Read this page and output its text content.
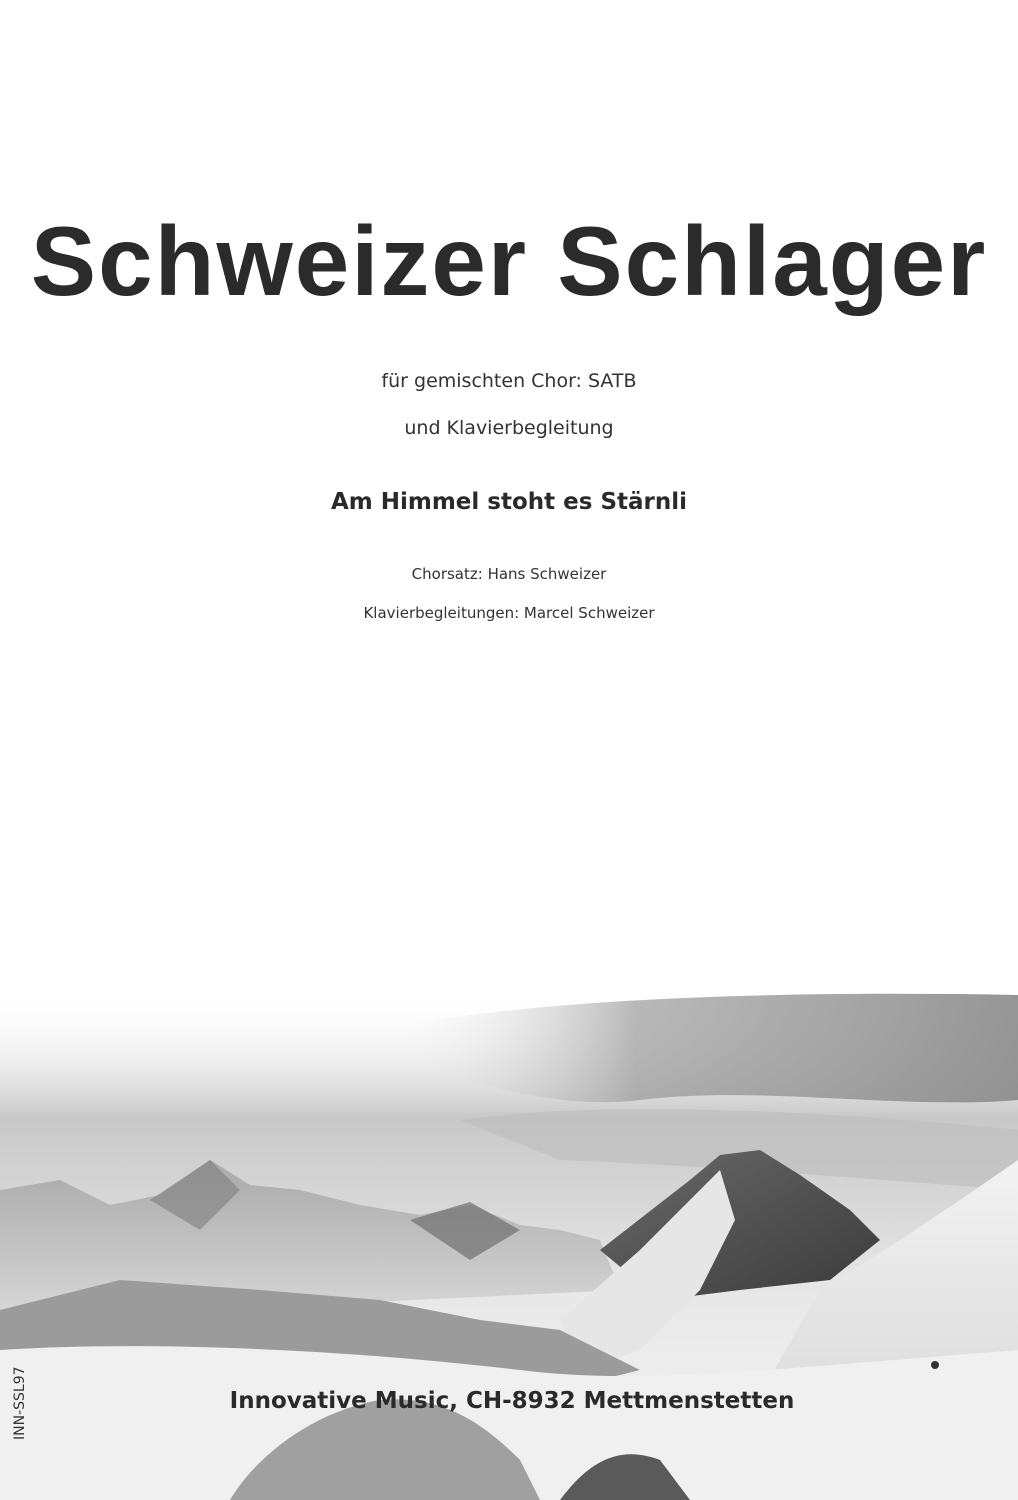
Schweizer Schlager
für gemischten Chor: SATB
und Klavierbegleitung
Am Himmel stoht es Stärnli
Chorsatz: Hans Schweizer
Klavierbegleitungen: Marcel Schweizer
Innovative Music, CH-8932 Mettmenstetten
INN-SSL97
